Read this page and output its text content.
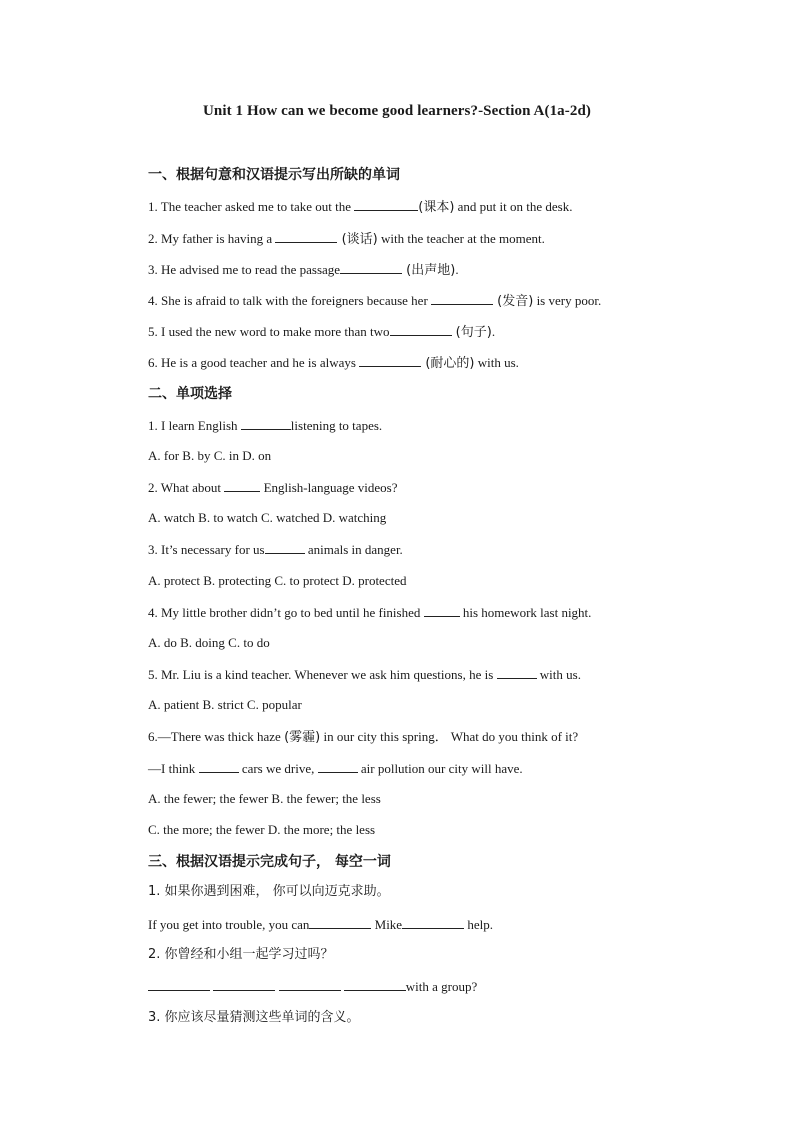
Unit 1 How can we become good learners?-Section A(1a-2d)
一、根据句意和汉语提示写出所缺的单词
1. The teacher asked me to take out the	(课本) and put it on the desk.
2. My father is having a	(谈话) with the teacher at the moment.
3. He advised me to read the passage	(出声地).
4. She is afraid to talk with the foreigners because her	(发音) is very poor.
5. I used the new word to make more than two	(句子).
6. He is a good teacher and he is always	(耐心的) with us.
二、单项选择
1. I learn English	listening to tapes.
A. for B. by C. in D. on
2. What about	English-language videos?
A. watch B. to watch C. watched D. watching
3. It’s necessary for us	animals in danger.
A. protect B. protecting C. to protect D. protected
4. My little brother didn’t go to bed until he finished	his homework last night.
A. do B. doing C. to do
5. Mr. Liu is a kind teacher. Whenever we ask him questions, he is	with us.
A. patient B. strict C. popular
6.—There was thick haze (雾霾) in our city this spring． What do you think of it?
—I think	cars we drive,	air pollution our city will have.
A. the fewer; the fewer B. the fewer; the less
C. the more; the fewer D. the more; the less
三、根据汉语提示完成句子， 每空一词
1. 如果你遇到困难， 你可以向迈克求助。
If you get into trouble, you can	Mike	help.
2. 你曾经和小组一起学习过吗？
with a group?
3. 你应该尽量猜测这些单词的含义。
